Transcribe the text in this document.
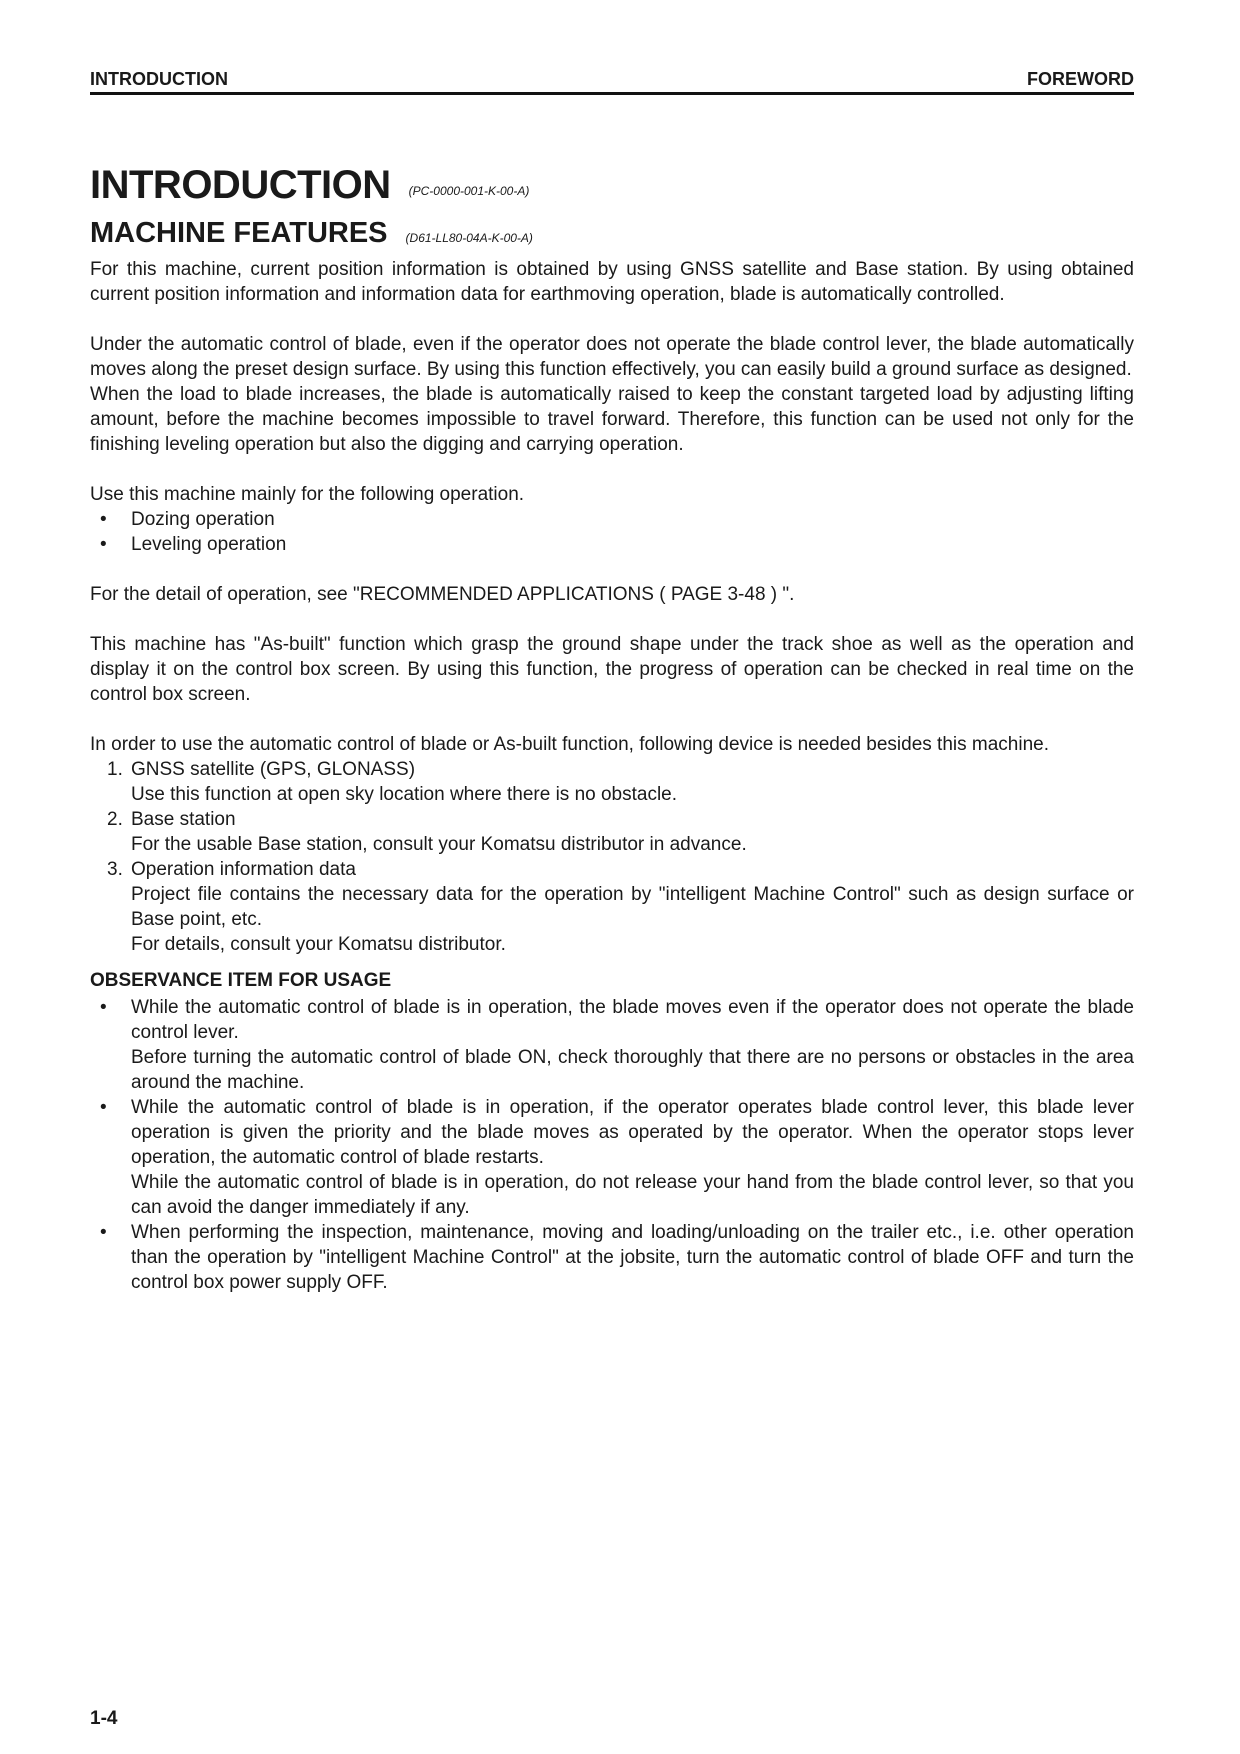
INTRODUCTION	FOREWORD
INTRODUCTION (PC-0000-001-K-00-A)
MACHINE FEATURES (D61-LL80-04A-K-00-A)

For this machine, current position information is obtained by using GNSS satellite and Base station. By using obtained current position information and information data for earthmoving operation, blade is automatically controlled.

Under the automatic control of blade, even if the operator does not operate the blade control lever, the blade automatically moves along the preset design surface. By using this function effectively, you can easily build a ground surface as designed.

When the load to blade increases, the blade is automatically raised to keep the constant targeted load by adjusting lifting amount, before the machine becomes impossible to travel forward. Therefore, this function can be used not only for the finishing leveling operation but also the digging and carrying operation.

Use this machine mainly for the following operation.

• Dozing operation
• Leveling operation

For the detail of operation, see "RECOMMENDED APPLICATIONS ( PAGE 3-48 ) ".

This machine has "As-built" function which grasp the ground shape under the track shoe as well as the operation and display it on the control box screen. By using this function, the progress of operation can be checked in real time on the control box screen.

In order to use the automatic control of blade or As-built function, following device is needed besides this machine.

1. GNSS satellite (GPS, GLONASS)
Use this function at open sky location where there is no obstacle.
2. Base station
For the usable Base station, consult your Komatsu distributor in advance.
3. Operation information data
Project file contains the necessary data for the operation by "intelligent Machine Control" such as design surface or Base point, etc.
For details, consult your Komatsu distributor.
OBSERVANCE ITEM FOR USAGE

• While the automatic control of blade is in operation, the blade moves even if the operator does not operate the blade control lever.

Before turning the automatic control of blade ON, check thoroughly that there are no persons or obstacles in the area around the machine.

• While the automatic control of blade is in operation, if the operator operates blade control lever, this blade lever operation is given the priority and the blade moves as operated by the operator. When the operator stops lever operation, the automatic control of blade restarts.

While the automatic control of blade is in operation, do not release your hand from the blade control lever, so that you can avoid the danger immediately if any.

• When performing the inspection, maintenance, moving and loading/unloading on the trailer etc., i.e. other operation than the operation by "intelligent Machine Control" at the jobsite, turn the automatic control of blade OFF and turn the control box power supply OFF.

1-4
